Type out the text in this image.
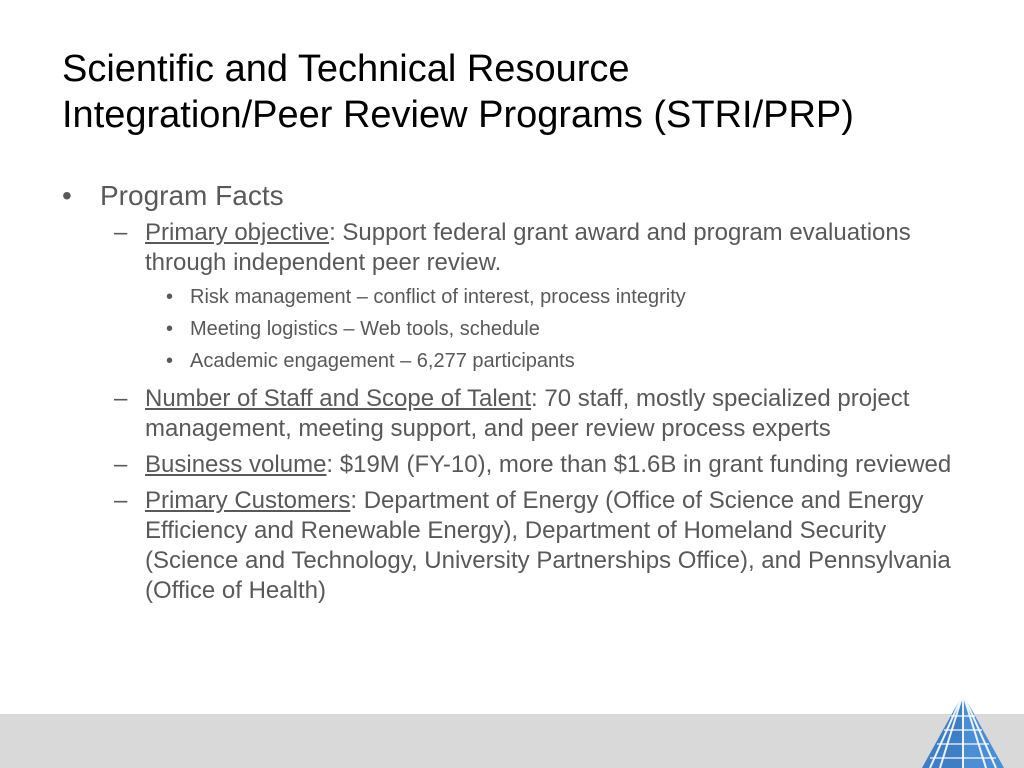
Scientific and Technical Resource
Integration/Peer Review Programs (STRI/PRP)

• Program Facts

– Primary objective: Support federal grant award and program evaluations through independent peer review.

• Risk management – conflict of interest, process integrity

• Meeting logistics – Web tools, schedule

• Academic engagement – 6,277 participants

– Number of Staff and Scope of Talent: 70 staff, mostly specialized project management, meeting support, and peer review process experts

– Business volume: $19M (FY-10), more than $1.6B in grant funding reviewed

– Primary Customers: Department of Energy (Office of Science and Energy Efficiency and Renewable Energy), Department of Homeland Security (Science and Technology, University Partnerships Office), and Pennsylvania (Office of Health)
